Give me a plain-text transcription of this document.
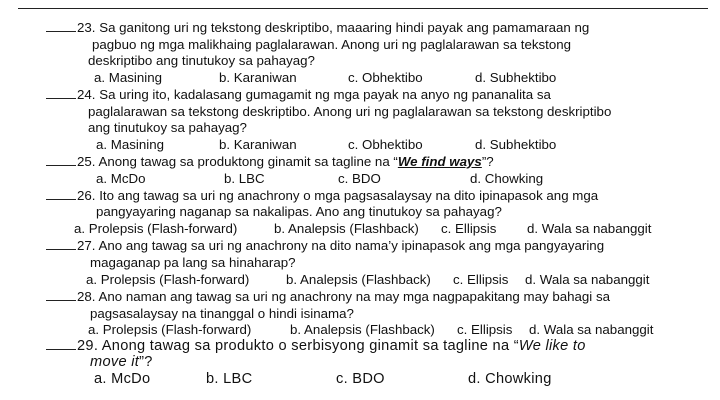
23. Sa ganitong uri ng tekstong deskriptibo, maaaring hindi payak ang pamamaraan ng
pagbuo ng mga malikhaing paglalarawan. Anong uri ng paglalarawan sa tekstong
deskriptibo ang tinutukoy sa pahayag?
a. Masining	b. Karaniwan	c. Obhektibo	d. Subhektibo
24. Sa uring ito, kadalasang gumagamit ng mga payak na anyo ng pananalita sa
paglalarawan sa tekstong deskriptibo. Anong uri ng paglalarawan sa tekstong deskriptibo
ang tinutukoy sa pahayag?
a. Masining	b. Karaniwan	c. Obhektibo	d. Subhektibo
25. Anong tawag sa produktong ginamit sa tagline na “We find ways”?
a. McDo	b. LBC	c. BDO	d. Chowking
26. Ito ang tawag sa uri ng anachrony o mga pagsasalaysay na dito ipinapasok ang mga
pangyayaring naganap sa nakalipas. Ano ang tinutukoy sa pahayag?
a. Prolepsis (Flash-forward)	b. Analepsis (Flashback) c. Ellipsis d. Wala sa nabanggit
27. Ano ang tawag sa uri ng anachrony na dito nama’y ipinapasok ang mga pangyayaring
magaganap pa lang sa hinaharap?
a. Prolepsis (Flash-forward)	b. Analepsis (Flashback) c. Ellipsis d. Wala sa nabanggit
28. Ano naman ang tawag sa uri ng anachrony na may mga nagpapakitang may bahagi sa
pagsasalaysay na tinanggal o hindi isinama?
a. Prolepsis (Flash-forward)	b. Analepsis (Flashback) c. Ellipsis d. Wala sa nabanggit
29. Anong tawag sa produkto o serbisyong ginamit sa tagline na “We like to
move it”?
a. McDo	b. LBC	c. BDO	d. Chowking
